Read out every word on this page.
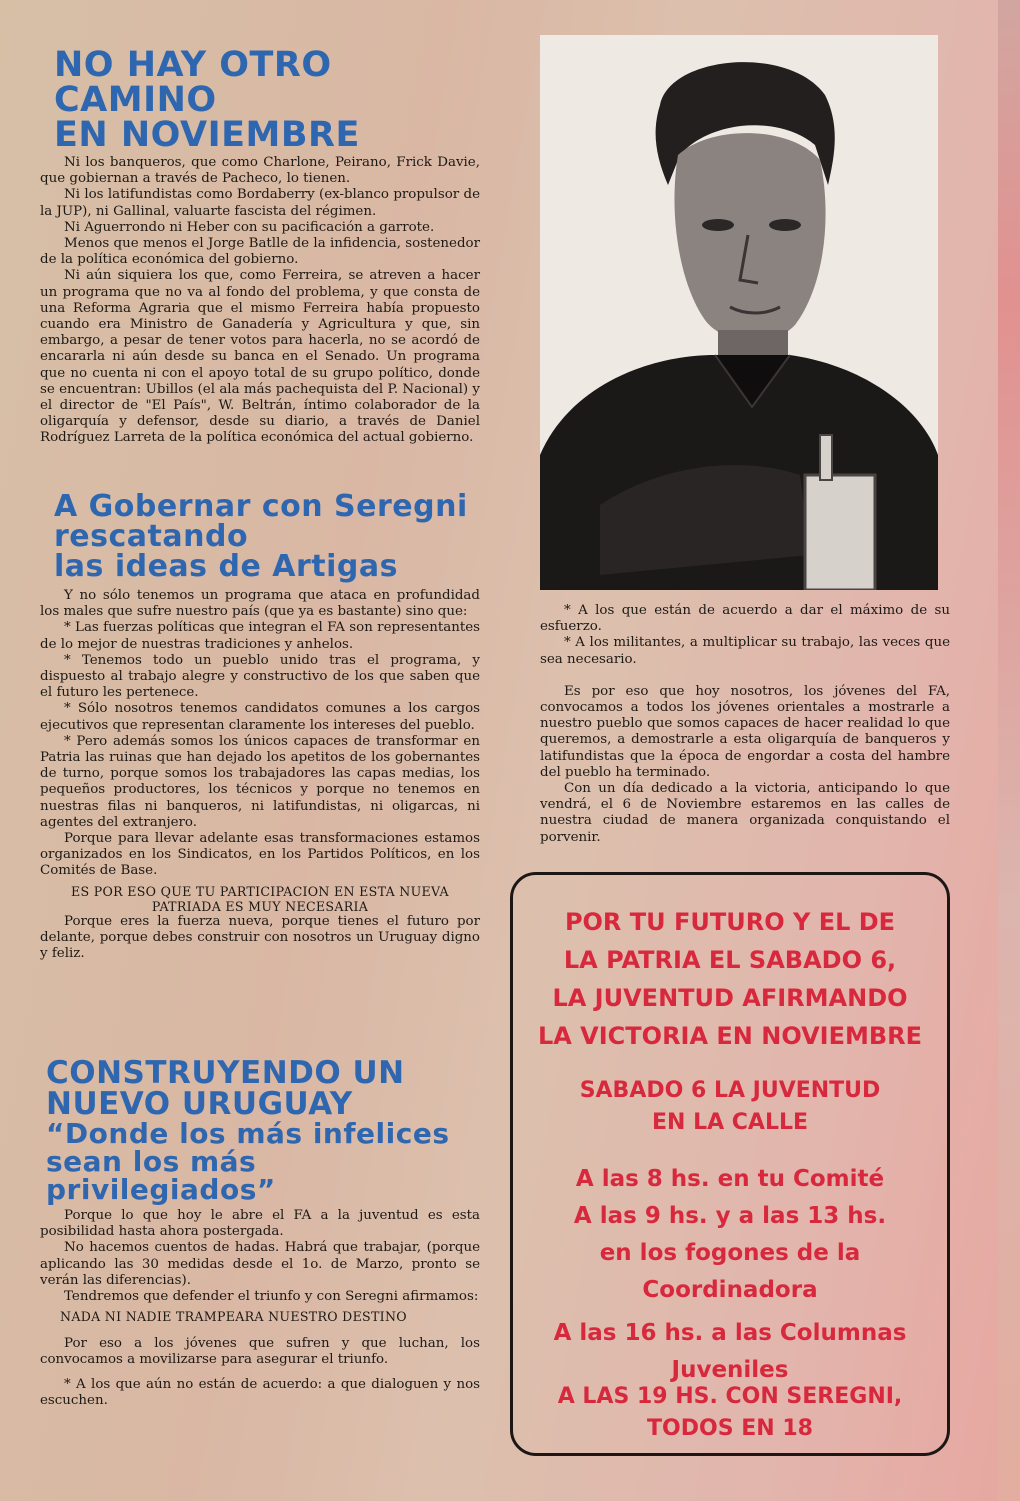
NO HAY OTRO CAMINO
EN NOVIEMBRE

Ni los banqueros, que como Charlone, Peirano, Frick Davie, que gobiernan a través de Pacheco, lo tienen.

Ni los latifundistas como Bordaberry (ex-blanco propulsor de la JUP), ni Gallinal, valuarte fascista del régimen.

Ni Aguerrondo ni Heber con su pacificación a garrote.

Menos que menos el Jorge Batlle de la infidencia, sostenedor de la política económica del gobierno.

Ni aún siquiera los que, como Ferreira, se atreven a hacer un programa que no va al fondo del problema, y que consta de una Reforma Agraria que el mismo Ferreira había propuesto cuando era Ministro de Ganadería y Agricultura y que, sin embargo, a pesar de tener votos para hacerla, no se acordó de encararla ni aún desde su banca en el Senado. Un programa que no cuenta ni con el apoyo total de su grupo político, donde se encuentran: Ubillos (el ala más pachequista del P. Nacional) y el director de "El País", W. Beltrán, íntimo colaborador de la oligarquía y defensor, desde su diario, a través de Daniel Rodríguez Larreta de la política económica del actual gobierno.

A Gobernar con Seregni
rescatando
las ideas de Artigas

Y no sólo tenemos un programa que ataca en profundidad los males que sufre nuestro país (que ya es bastante) sino que:

* Las fuerzas políticas que integran el FA son representantes de lo mejor de nuestras tradiciones y anhelos.

* Tenemos todo un pueblo unido tras el programa, y dispuesto al trabajo alegre y constructivo de los que saben que el futuro les pertenece.

* Sólo nosotros tenemos candidatos comunes a los cargos ejecutivos que representan claramente los intereses del pueblo.

* Pero además somos los únicos capaces de transformar en Patria las ruinas que han dejado los apetitos de los gobernantes de turno, porque somos los trabajadores las capas medias, los pequeños productores, los técnicos y porque no tenemos en nuestras filas ni banqueros, ni latifundistas, ni oligarcas, ni agentes del extranjero.

Porque para llevar adelante esas transformaciones estamos organizados en los Sindicatos, en los Partidos Políticos, en los Comités de Base.

ES POR ESO QUE TU PARTICIPACION EN ESTA NUEVA PATRIADA ES MUY NECESARIA

Porque eres la fuerza nueva, porque tienes el futuro por delante, porque debes construir con nosotros un Uruguay digno y feliz.

CONSTRUYENDO UN
NUEVO URUGUAY
“Donde los más infelices
sean los más privilegiados”

Porque lo que hoy le abre el FA a la juventud es esta posibilidad hasta ahora postergada.

No hacemos cuentos de hadas. Habrá que trabajar, (porque aplicando las 30 medidas desde el 1o. de Marzo, pronto se verán las diferencias).

Tendremos que defender el triunfo y con Seregni afirmamos:

NADA NI NADIE TRAMPEARA NUESTRO DESTINO

Por eso a los jóvenes que sufren y que luchan, los convocamos a movilizarse para asegurar el triunfo.

* A los que aún no están de acuerdo: a que dialoguen y nos escuchen.

* A los que están de acuerdo a dar el máximo de su esfuerzo.

* A los militantes, a multiplicar su trabajo, las veces que sea necesario.

Es por eso que hoy nosotros, los jóvenes del FA, convocamos a todos los jóvenes orientales a mostrarle a nuestro pueblo que somos capaces de hacer realidad lo que queremos, a demostrarle a esta oligarquía de banqueros y latifundistas que la época de engordar a costa del hambre del pueblo ha terminado.

Con un día dedicado a la victoria, anticipando lo que vendrá, el 6 de Noviembre estaremos en las calles de nuestra ciudad de manera organizada conquistando el porvenir.

POR TU FUTURO Y EL DE
LA PATRIA EL SABADO 6,
LA JUVENTUD AFIRMANDO
LA VICTORIA EN NOVIEMBRE
SABADO 6 LA JUVENTUD
EN LA CALLE
A las 8 hs. en tu Comité
A las 9 hs. y a las 13 hs.
en los fogones de la
Coordinadora
A las 16 hs. a las Columnas
Juveniles
A LAS 19 HS. CON SEREGNI,
TODOS EN 18
